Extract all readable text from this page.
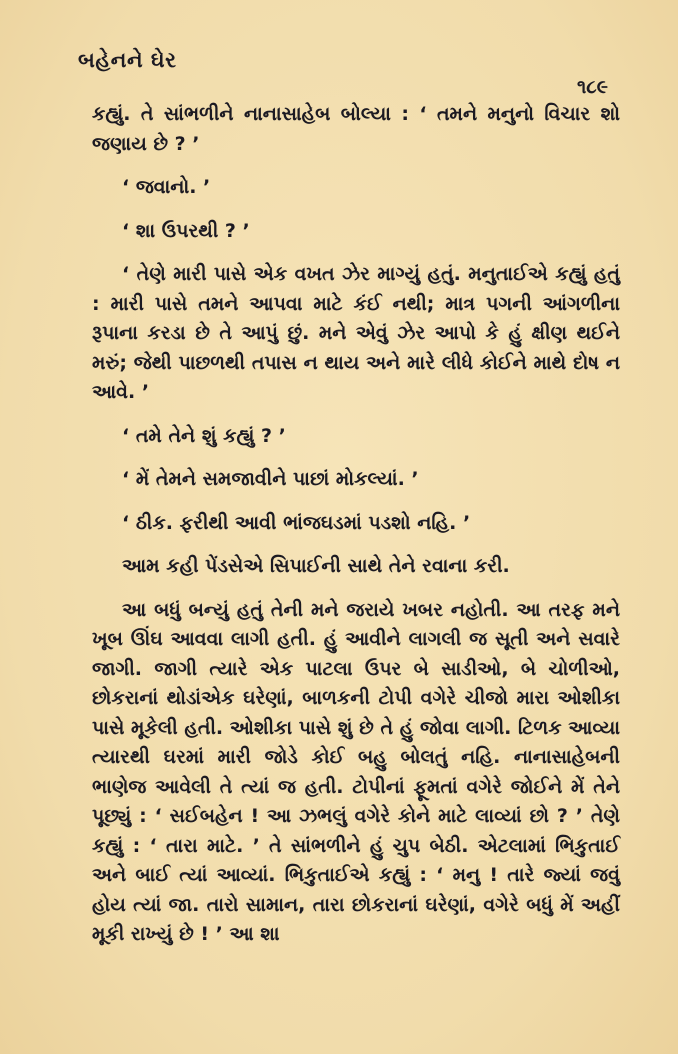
બહેનને ઘેર
૧૮૯

કહ્યું. તે સાંભળીને નાનાસાહેબ બોલ્યા : ‘ તમને મનુનો વિચાર શો જણાય છે ? ’

‘ જવાનો. ’

‘ શા ઉપરથી ? ’

‘ તેણે મારી પાસે એક વખત ઝેર માગ્યું હતું. મનુતાઈએ કહ્યું હતું : મારી પાસે તમને આપવા માટે કંઈ નથી; માત્ર પગની આંગળીના રૂપાના કરડા છે તે આપું છું. મને એવું ઝેર આપો કે હું ક્ષીણ થઈને મરું; જેથી પાછળથી તપાસ ન થાય અને મારે લીધે કોઈને માથે દોષ ન આવે. ’

‘ તમે તેને શું કહ્યું ? ’

‘ મેં તેમને સમજાવીને પાછાં મોકલ્યાં. ’

‘ ઠીક. ફરીથી આવી ભાંજઘડમાં પડશો નહિ. ’

આમ કહી પેંડસેએ સિપાઈની સાથે તેને રવાના કરી.

આ બધું બન્યું હતું તેની મને જરાયે ખબર નહોતી. આ તરફ મને ખૂબ ઊંઘ આવવા લાગી હતી. હું આવીને લાગલી જ સૂતી અને સવારે જાગી. જાગી ત્યારે એક પાટલા ઉપર બે સાડીઓ, બે ચોળીઓ, છોકરાનાં થોડાંએક ઘરેણાં, બાળકની ટોપી વગેરે ચીજો મારા ઓશીકા પાસે મૂકેલી હતી. ઓશીકા પાસે શું છે તે હું જોવા લાગી. ટિળક આવ્યા ત્યારથી ઘરમાં મારી જોડે કોઈ બહુ બોલતું નહિ. નાનાસાહેબની ભાણેજ આવેલી તે ત્યાં જ હતી. ટોપીનાં ફૂમતાં વગેરે જોઈને મેં તેને પૂછ્યું : ‘ સઈબહેન ! આ ઝભલું વગેરે કોને માટે લાવ્યાં છો ? ’ તેણે કહ્યું : ‘ તારા માટે. ’ તે સાંભળીને હું ચુપ બેઠી. એટલામાં ભિકુતાઈ અને બાઈ ત્યાં આવ્યાં. ભિકુતાઈએ કહ્યું : ‘ મનુ ! તારે જ્યાં જવું હોય ત્યાં જા. તારો સામાન, તારા છોકરાનાં ઘરેણાં, વગેરે બધું મેં અહીં મૂકી રાખ્યું છે ! ’ આ શા
